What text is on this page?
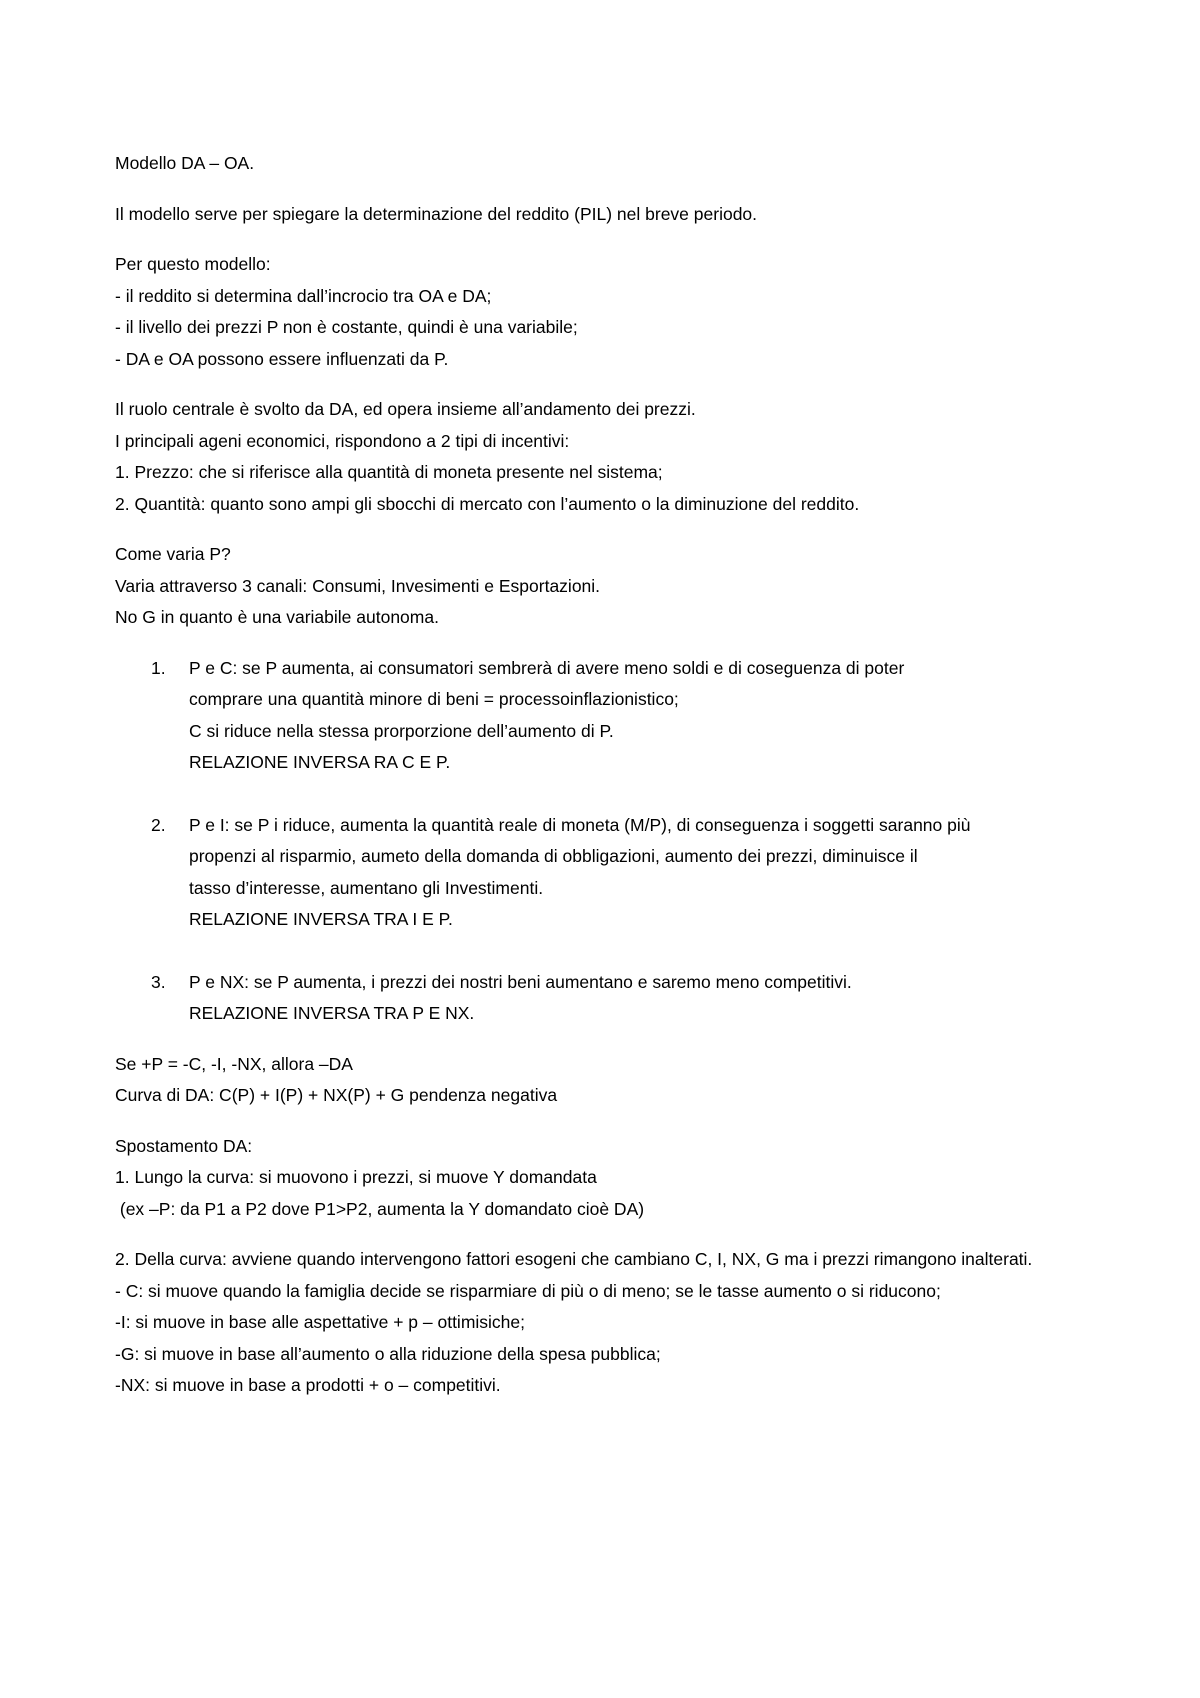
Modello DA – OA.
Il modello serve per spiegare la determinazione del reddito (PIL) nel breve periodo.
Per questo modello:
- il reddito si determina dall’incrocio tra OA e DA;
- il livello dei prezzi P non è costante, quindi è una variabile;
- DA e OA possono essere influenzati da P.
Il ruolo centrale è svolto da DA, ed opera insieme all’andamento dei prezzi.
I principali ageni economici, rispondono a 2 tipi di incentivi:
1. Prezzo: che si riferisce alla quantità di moneta presente nel sistema;
2. Quantità: quanto sono ampi gli sbocchi di mercato con l’aumento o la diminuzione del reddito.
Come varia P?
Varia attraverso 3 canali: Consumi, Invesimenti e Esportazioni.
No G in quanto è una variabile autonoma.
1. P e C: se P aumenta, ai consumatori sembrerà di avere meno soldi e di coseguenza di poter
comprare una quantità minore di beni = processoinflazionistico;
C si riduce nella stessa prorporzione dell’aumento di P.
RELAZIONE INVERSA RA C E P.
2. P e I: se P i riduce, aumenta la quantità reale di moneta (M/P), di conseguenza i soggetti saranno più
propenzi al risparmio, aumeto della domanda di obbligazioni, aumento dei prezzi, diminuisce il
tasso d’interesse, aumentano gli Investimenti.
RELAZIONE INVERSA TRA I E P.
3. P e NX: se P aumenta, i prezzi dei nostri beni aumentano e saremo meno competitivi.
RELAZIONE INVERSA TRA P E NX.
Se +P = -C, -I, -NX, allora –DA
Curva di DA: C(P) + I(P) + NX(P) + G pendenza negativa
Spostamento DA:
1. Lungo la curva: si muovono i prezzi, si muove Y domandata
(ex –P: da P1 a P2 dove P1>P2, aumenta la Y domandato cioè DA)
2. Della curva: avviene quando intervengono fattori esogeni che cambiano C, I, NX, G ma i prezzi rimangono inalterati.
- C: si muove quando la famiglia decide se risparmiare di più o di meno; se le tasse aumento o si riducono;
-I: si muove in base alle aspettative + p – ottimisiche;
-G: si muove in base all’aumento o alla riduzione della spesa pubblica;
-NX: si muove in base a prodotti + o – competitivi.
